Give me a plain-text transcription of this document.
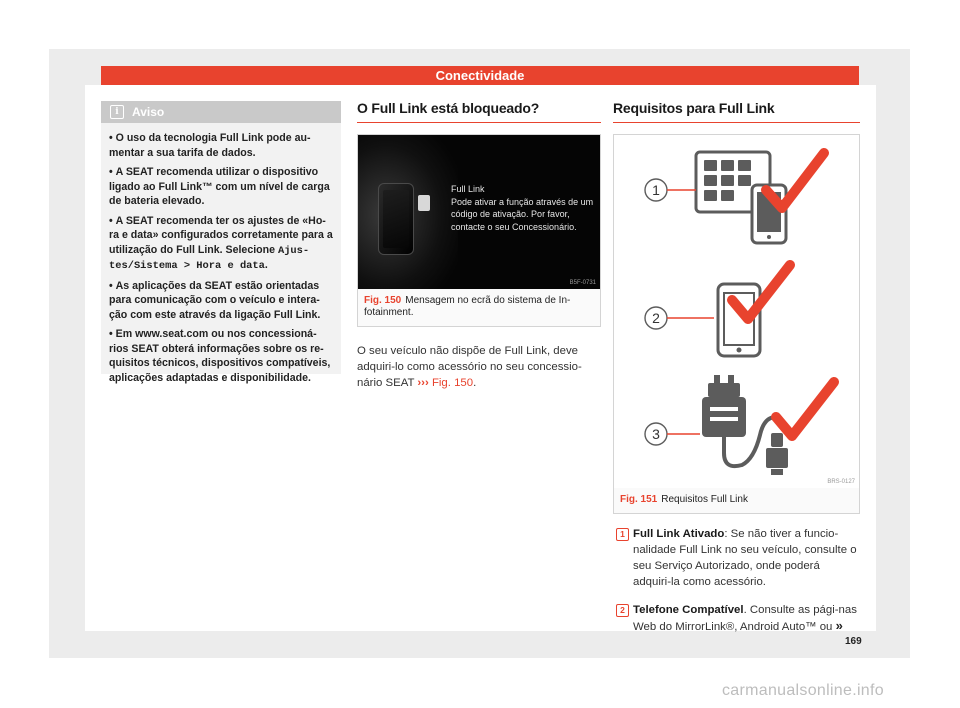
Conectividade
i	Aviso
• O uso da tecnologia Full Link pode au-mentar a sua tarifa de dados.
• A SEAT recomenda utilizar o dispositivo ligado ao Full Link™ com um nível de carga de bateria elevado.
• A SEAT recomenda ter os ajustes de «Ho-ra e data» configurados corretamente para a utilização do Full Link. Selecione Ajus-tes/Sistema > Hora e data.
• As aplicações da SEAT estão orientadas para comunicação com o veículo e intera-ção com este através da ligação Full Link.
• Em www.seat.com ou nos concessioná-rios SEAT obterá informações sobre os re-quisitos técnicos, dispositivos compatíveis, aplicações adaptadas e disponibilidade.
O Full Link está bloqueado?
Full Link
Pode ativar a função através de um código de ativação. Por favor, contacte o seu Concessionário.
B5F-0731
Fig. 150 Mensagem no ecrã do sistema de In-fotainment.
O seu veículo não dispõe de Full Link, deve adquiri-lo como acessório no seu concessio-nário SEAT ››› Fig. 150.
Requisitos para Full Link
1
2
3
BRS-0127
Fig. 151 Requisitos Full Link
1 Full Link Ativado: Se não tiver a funcio-nalidade Full Link no seu veículo, consulte o seu Serviço Autorizado, onde poderá adquiri-la como acessório.
2 Telefone Compatível. Consulte as pági-nas Web do MirrorLink®, Android Auto™ ou »
169
carmanualsonline.info
